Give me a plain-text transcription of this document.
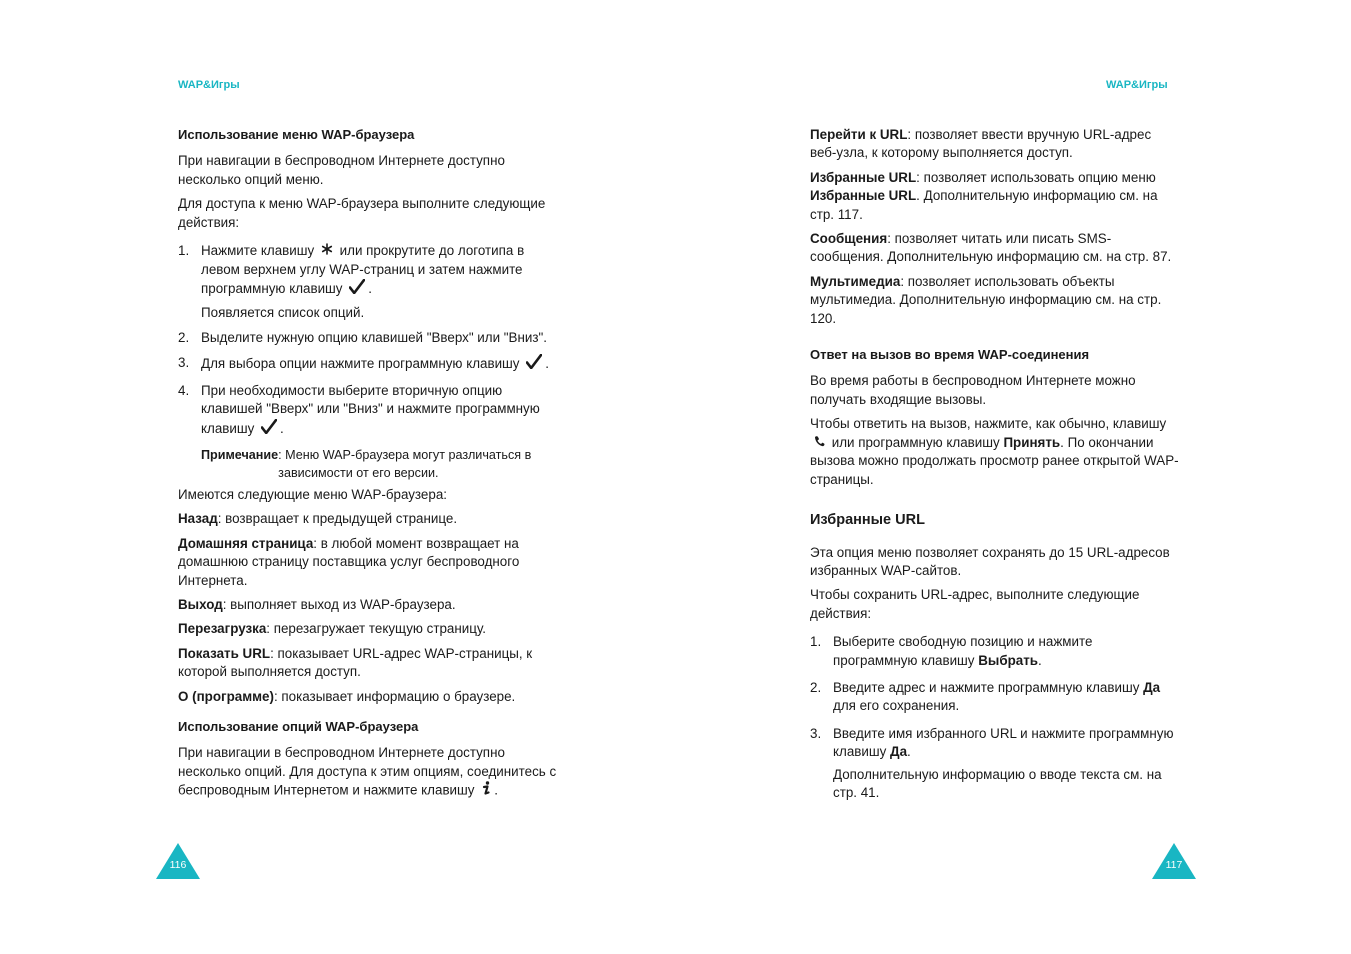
WAP&Игры
Использование меню WAP-браузера

При навигации в беспроводном Интернете доступно несколько опций меню.

Для доступа к меню WAP-браузера выполните следующие действия:

1. Нажмите клавишу  или прокрутите до логотипа в левом верхнем углу WAP-страниц и затем нажмите программную клавишу .

Появляется список опций.

2. Выделите нужную опцию клавишей "Вверх" или "Вниз".
3. Для выбора опции нажмите программную клавишу .
4. При необходимости выберите вторичную опцию клавишей "Вверх" или "Вниз" и нажмите программную клавишу .
Примечание : Меню WAP-браузера могут различаться в зависимости от его версии.

Имеются следующие меню WAP-браузера:

Назад: возвращает к предыдущей странице.

Домашняя страница: в любой момент возвращает на домашнюю страницу поставщика услуг беспроводного Интернета.

Выход: выполняет выход из WAP-браузера.

Перезагрузка: перезагружает текущую страницу.

Показать URL: показывает URL-адрес WAP-страницы, к которой выполняется доступ.

О (программе): показывает информацию о браузере.

Использование опций WAP-браузера

При навигации в беспроводном Интернете доступно несколько опций. Для доступа к этим опциям, соединитесь с беспроводным Интернетом и нажмите клавишу .

116
WAP&Игры

Перейти к URL: позволяет ввести вручную URL-адрес веб-узла, к которому выполняется доступ.

Избранные URL: позволяет использовать опцию меню Избранные URL. Дополнительную информацию см. на стр. 117.

Сообщения: позволяет читать или писать SMS-сообщения. Дополнительную информацию см. на стр. 87.

Мультимедиа: позволяет использовать объекты мультимедиа. Дополнительную информацию см. на стр. 120.

Ответ на вызов во время WAP-соединения

Во время работы в беспроводном Интернете можно получать входящие вызовы.

Чтобы ответить на вызов, нажмите, как обычно, клавишу  или программную клавишу Принять. По окончании вызова можно продолжать просмотр ранее открытой WAP-страницы.

Избранные URL

Эта опция меню позволяет сохранять до 15 URL-адресов избранных WAP-сайтов.

Чтобы сохранить URL-адрес, выполните следующие действия:

1. Выберите свободную позицию и нажмите программную клавишу Выбрать.
2. Введите адрес и нажмите программную клавишу Да для его сохранения.
3. Введите имя избранного URL и нажмите программную клавишу Да.

Дополнительную информацию о вводе текста см. на стр. 41.

117
